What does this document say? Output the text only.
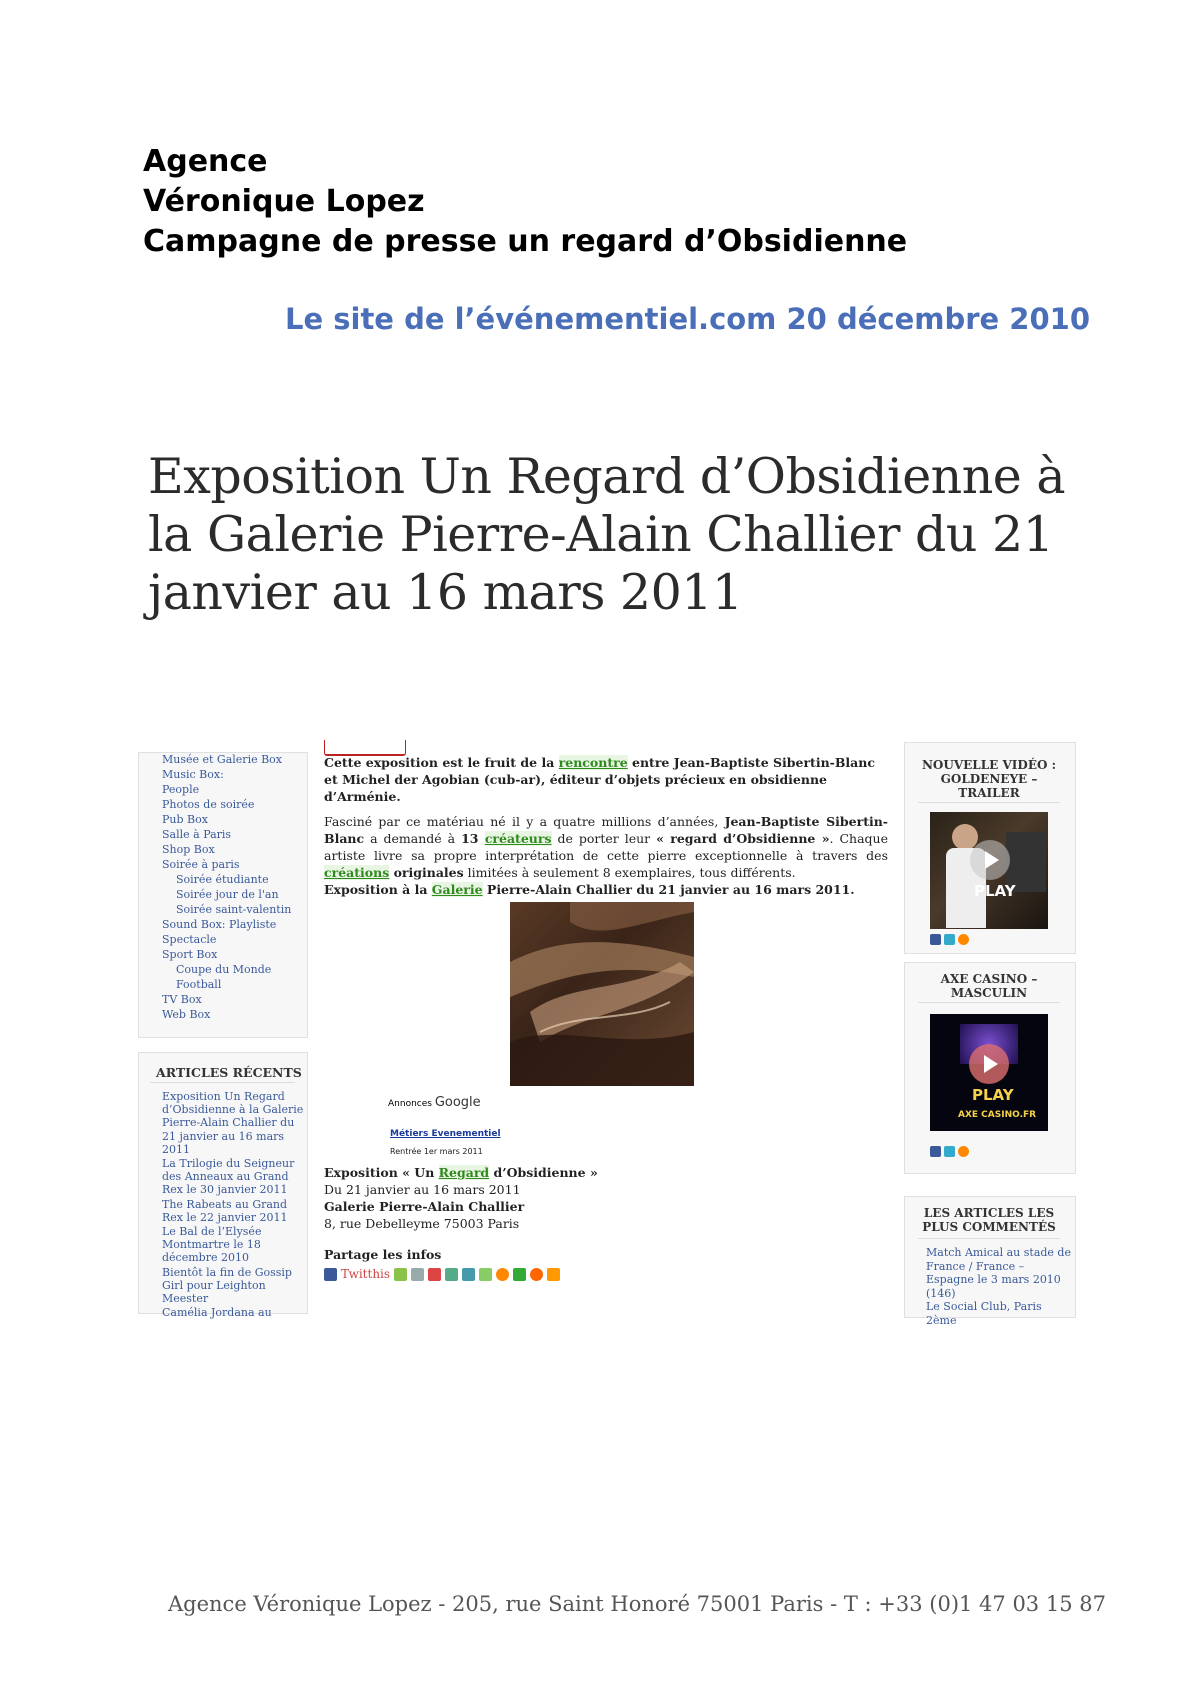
Agence
Véronique Lopez
Campagne de presse un regard d’Obsidienne
Le site de l’événementiel.com 20 décembre 2010
Exposition Un Regard d’Obsidienne à
la Galerie Pierre-Alain Challier du 21
janvier au 16 mars 2011
Musée et Galerie Box
Music Box:
People
Photos de soirée
Pub Box
Salle à Paris
Shop Box
Soirée à paris
Soirée étudiante
Soirée jour de l'an
Soirée saint-valentin
Sound Box: Playliste
Spectacle
Sport Box
Coupe du Monde
Football
TV Box
Web Box
ARTICLES RÉCENTS
Exposition Un Regard d’Obsidienne à la Galerie Pierre-Alain Challier du 21 janvier au 16 mars 2011
La Trilogie du Seigneur des Anneaux au Grand Rex le 30 janvier 2011
The Rabeats au Grand Rex le 22 janvier 2011
Le Bal de l’Elysée Montmartre le 18 décembre 2010
Bientôt la fin de Gossip Girl pour Leighton Meester
Camélia Jordana au

Cette exposition est le fruit de la rencontre entre Jean-Baptiste Sibertin-Blanc et Michel der Agobian (cub-ar), éditeur d’objets précieux en obsidienne d’Arménie.

Fasciné par ce matériau né il y a quatre millions d’années, Jean-Baptiste Sibertin-Blanc a demandé à 13 créateurs de porter leur « regard d’Obsidienne ». Chaque artiste livre sa propre interprétation de cette pierre exceptionnelle à travers des créations originales limitées à seulement 8 exemplaires, tous différents.

Exposition à la Galerie Pierre-Alain Challier du 21 janvier au 16 mars 2011.

Annonces Google
Métiers Evenementiel
Rentrée 1er mars 2011
Exposition « Un Regard d’Obsidienne »
Du 21 janvier au 16 mars 2011
Galerie Pierre-Alain Challier
8, rue Debelleyme 75003 Paris
Partage les infos
Twitthis
NOUVELLE VIDÉO : GOLDENEYE – TRAILER
PLAY
AXE CASINO – MASCULIN
PLAY
AXE CASINO.FR
LES ARTICLES LES PLUS COMMENTÉS
Match Amical au stade de France / France – Espagne le 3 mars 2010 (146)
Le Social Club, Paris 2ème
Agence Véronique Lopez - 205, rue Saint Honoré 75001 Paris - T : +33 (0)1 47 03 15 87
